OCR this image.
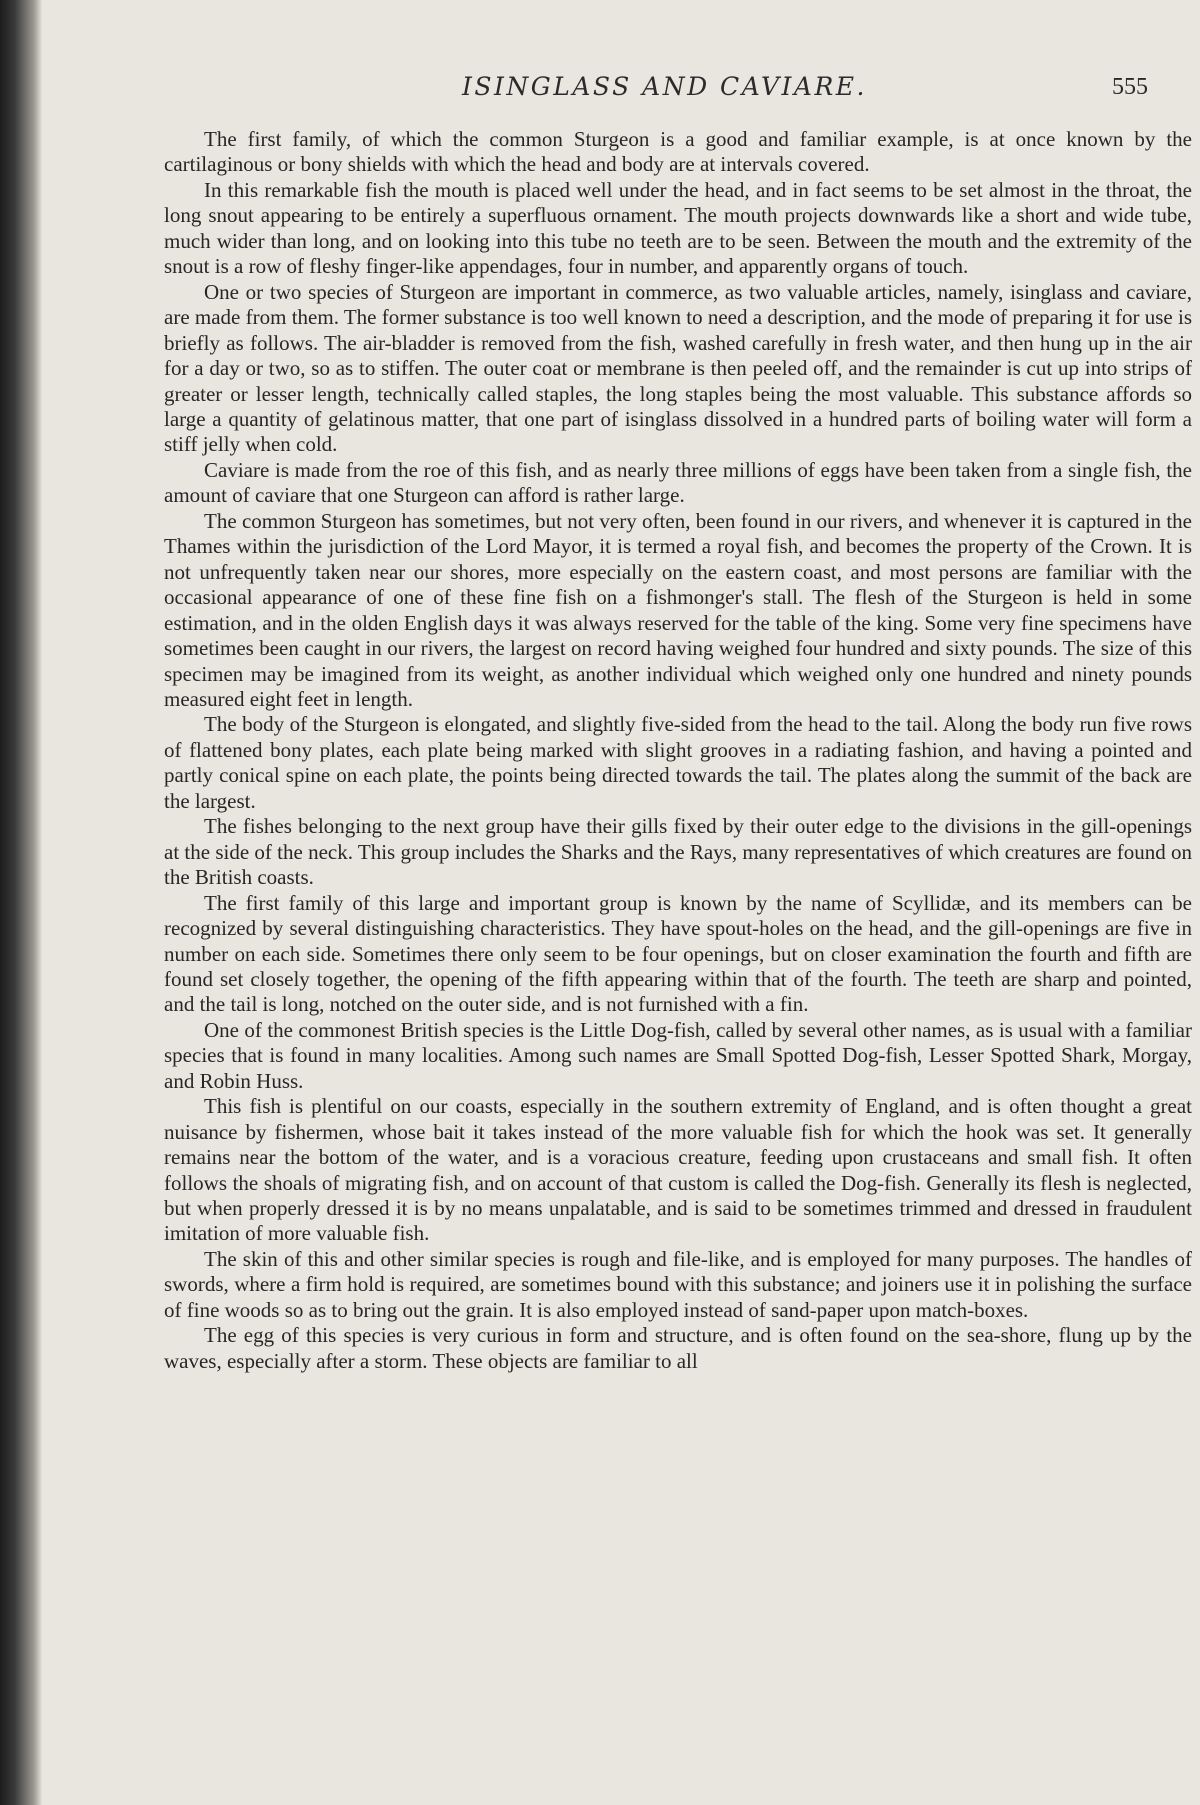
ISINGLASS AND CAVIARE.	555

The first family, of which the common Sturgeon is a good and familiar example, is at once known by the cartilaginous or bony shields with which the head and body are at intervals covered.

In this remarkable fish the mouth is placed well under the head, and in fact seems to be set almost in the throat, the long snout appearing to be entirely a superfluous ornament. The mouth projects downwards like a short and wide tube, much wider than long, and on looking into this tube no teeth are to be seen. Between the mouth and the extremity of the snout is a row of fleshy finger-like appendages, four in number, and apparently organs of touch.

One or two species of Sturgeon are important in commerce, as two valuable articles, namely, isinglass and caviare, are made from them. The former substance is too well known to need a description, and the mode of preparing it for use is briefly as follows. The air-bladder is removed from the fish, washed carefully in fresh water, and then hung up in the air for a day or two, so as to stiffen. The outer coat or membrane is then peeled off, and the remainder is cut up into strips of greater or lesser length, technically called staples, the long staples being the most valuable. This substance affords so large a quantity of gelatinous matter, that one part of isinglass dissolved in a hundred parts of boiling water will form a stiff jelly when cold.

Caviare is made from the roe of this fish, and as nearly three millions of eggs have been taken from a single fish, the amount of caviare that one Sturgeon can afford is rather large.

The common Sturgeon has sometimes, but not very often, been found in our rivers, and whenever it is captured in the Thames within the jurisdiction of the Lord Mayor, it is termed a royal fish, and becomes the property of the Crown. It is not unfrequently taken near our shores, more especially on the eastern coast, and most persons are familiar with the occasional appearance of one of these fine fish on a fishmonger's stall. The flesh of the Sturgeon is held in some estimation, and in the olden English days it was always reserved for the table of the king. Some very fine specimens have sometimes been caught in our rivers, the largest on record having weighed four hundred and sixty pounds. The size of this specimen may be imagined from its weight, as another individual which weighed only one hundred and ninety pounds measured eight feet in length.

The body of the Sturgeon is elongated, and slightly five-sided from the head to the tail. Along the body run five rows of flattened bony plates, each plate being marked with slight grooves in a radiating fashion, and having a pointed and partly conical spine on each plate, the points being directed towards the tail. The plates along the summit of the back are the largest.

The fishes belonging to the next group have their gills fixed by their outer edge to the divisions in the gill-openings at the side of the neck. This group includes the Sharks and the Rays, many representatives of which creatures are found on the British coasts.

The first family of this large and important group is known by the name of Scyllidæ, and its members can be recognized by several distinguishing characteristics. They have spout-holes on the head, and the gill-openings are five in number on each side. Sometimes there only seem to be four openings, but on closer examination the fourth and fifth are found set closely together, the opening of the fifth appearing within that of the fourth. The teeth are sharp and pointed, and the tail is long, notched on the outer side, and is not furnished with a fin.

One of the commonest British species is the Little Dog-fish, called by several other names, as is usual with a familiar species that is found in many localities. Among such names are Small Spotted Dog-fish, Lesser Spotted Shark, Morgay, and Robin Huss.

This fish is plentiful on our coasts, especially in the southern extremity of England, and is often thought a great nuisance by fishermen, whose bait it takes instead of the more valuable fish for which the hook was set. It generally remains near the bottom of the water, and is a voracious creature, feeding upon crustaceans and small fish. It often follows the shoals of migrating fish, and on account of that custom is called the Dog-fish. Generally its flesh is neglected, but when properly dressed it is by no means unpalatable, and is said to be sometimes trimmed and dressed in fraudulent imitation of more valuable fish.

The skin of this and other similar species is rough and file-like, and is employed for many purposes. The handles of swords, where a firm hold is required, are sometimes bound with this substance; and joiners use it in polishing the surface of fine woods so as to bring out the grain. It is also employed instead of sand-paper upon match-boxes.

The egg of this species is very curious in form and structure, and is often found on the sea-shore, flung up by the waves, especially after a storm. These objects are familiar to all
